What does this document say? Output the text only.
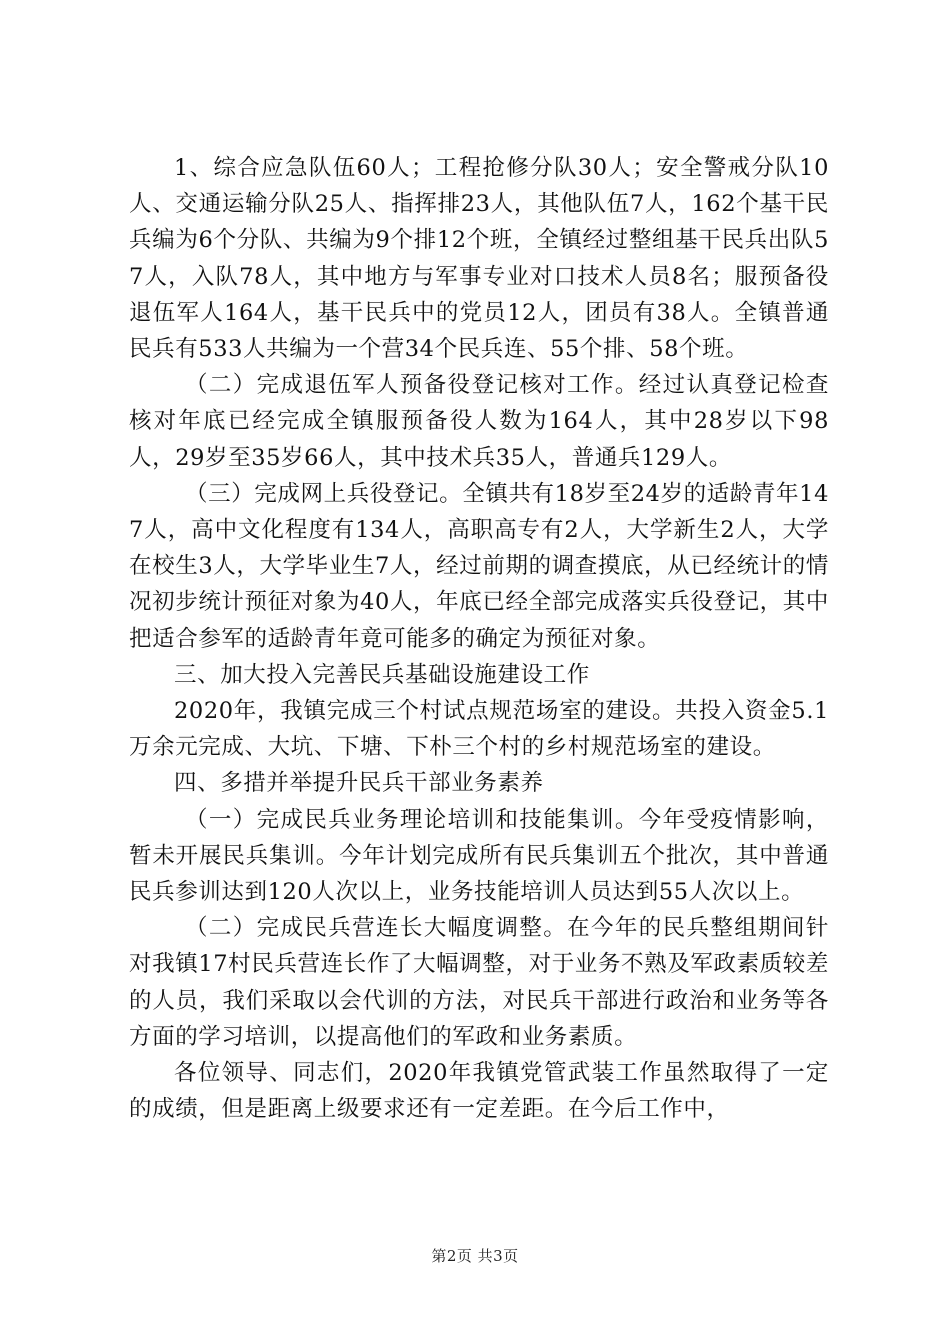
1、综合应急队伍60人；工程抢修分队30人；安全警戒分队10人、交通运输分队25人、指挥排23人，其他队伍7人，162个基干民兵编为6个分队、共编为9个排12个班，全镇经过整组基干民兵出队57人，入队78人，其中地方与军事专业对口技术人员8名；服预备役退伍军人164人，基干民兵中的党员12人，团员有38人。全镇普通民兵有533人共编为一个营34个民兵连、55个排、58个班。

（二）完成退伍军人预备役登记核对工作。经过认真登记检查核对年底已经完成全镇服预备役人数为164人，其中28岁以下98人，29岁至35岁66人，其中技术兵35人，普通兵129人。

（三）完成网上兵役登记。全镇共有18岁至24岁的适龄青年147人，高中文化程度有134人，高职高专有2人，大学新生2人，大学在校生3人，大学毕业生7人，经过前期的调查摸底，从已经统计的情况初步统计预征对象为40人，年底已经全部完成落实兵役登记，其中把适合参军的适龄青年竟可能多的确定为预征对象。

三、加大投入完善民兵基础设施建设工作

2020年，我镇完成三个村试点规范场室的建设。共投入资金5.1万余元完成、大坑、下塘、下朴三个村的乡村规范场室的建设。

四、多措并举提升民兵干部业务素养

（一）完成民兵业务理论培训和技能集训。今年受疫情影响，暂未开展民兵集训。今年计划完成所有民兵集训五个批次，其中普通民兵参训达到120人次以上，业务技能培训人员达到55人次以上。

（二）完成民兵营连长大幅度调整。在今年的民兵整组期间针对我镇17村民兵营连长作了大幅调整，对于业务不熟及军政素质较差的人员，我们采取以会代训的方法，对民兵干部进行政治和业务等各方面的学习培训，以提高他们的军政和业务素质。

各位领导、同志们，2020年我镇党管武装工作虽然取得了一定的成绩，但是距离上级要求还有一定差距。在今后工作中，

第2页 共3页
